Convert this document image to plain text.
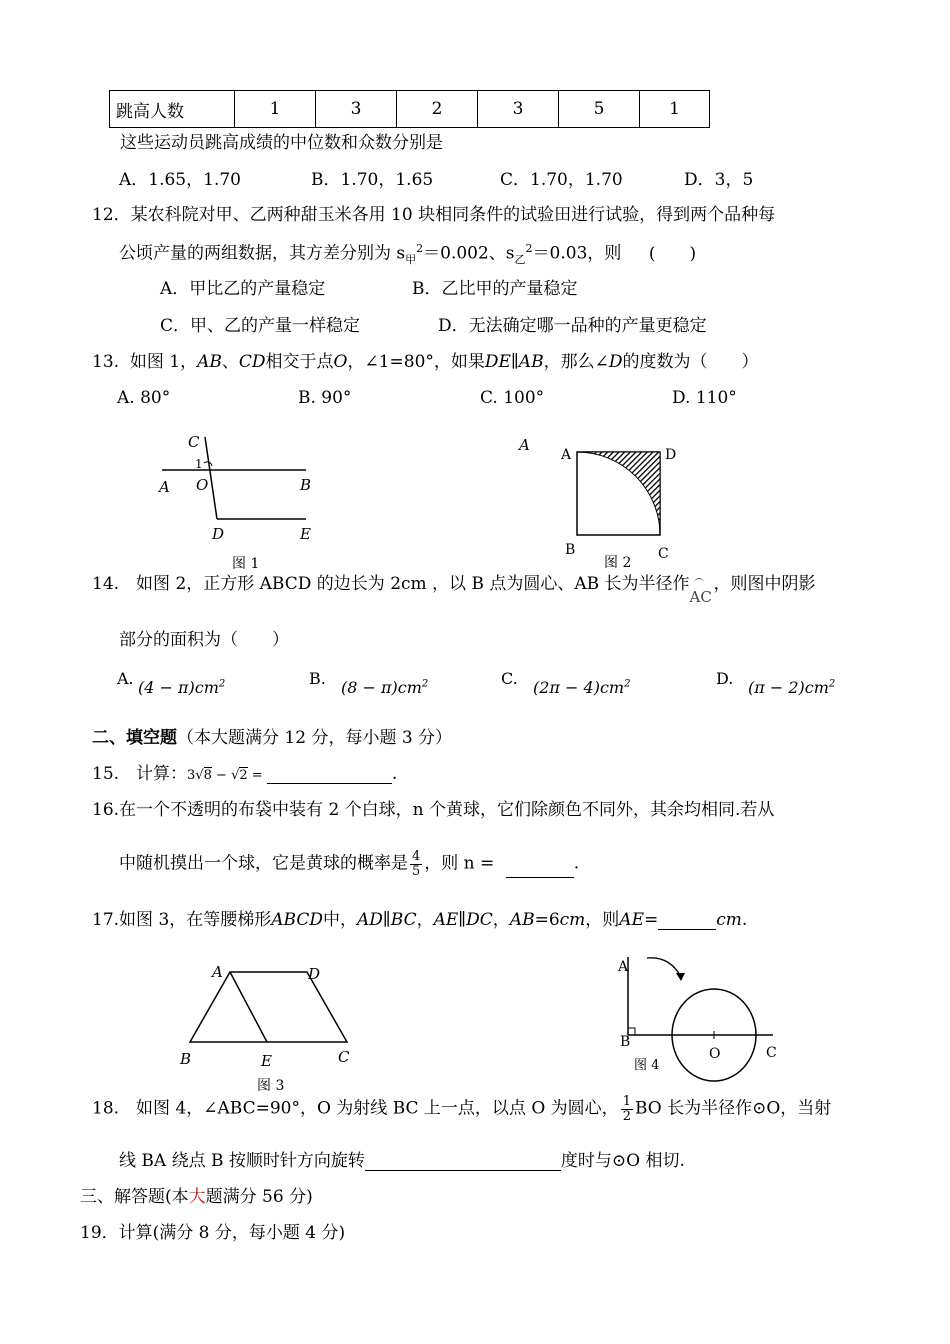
跳高人数	1	3	2	3	5	1
这些运动员跳高成绩的中位数和众数分别是
A．1.65，1.70	B．1.70，1.65	C．1.70，1.70	D．3，5
12．某农科院对甲、乙两种甜玉米各用 10 块相同条件的试验田进行试验，得到两个品种每
公顷产量的两组数据，其方差分别为 $s_甲^2=0.002$、$s_乙^2=0.03$，则 (　　)
A．甲比乙的产量稳定	B．乙比甲的产量稳定
C．甲、乙的产量一样稳定	D．无法确定哪一品种的产量更稳定
13. 如图 1，AB、CD相交于点O，∠1=80°，如果DE∥AB，那么∠D的度数为（　　）
A. 80°	B. 90°	C. 100°	D. 110°
C
1
A O	B
D	E
图 1
A
A	D
B	C
图 2
14.　如图 2，正方形 ABCD 的边长为 2cm ，以 B 点为圆心、AB 长为半径作
AC
，则图中阴影
部分的面积为（　　）
A. $(4 - \pi)cm^2$	B. $(8 - \pi)cm^2$	C. $(2\pi - 4)cm^2$	D. $(\pi - 2)cm^2$
二、填空题（本大题满分 12 分，每小题 3 分）
15.　计算：3√8 − √2 =	.
16.在一个不透明的布袋中装有 2 个白球，n 个黄球，它们除颜色不同外，其余均相同.若从
中随机摸出一个球，它是黄球的概率是 $\frac{4}{5}$ ，则 n =	.
17.如图 3，在等腰梯形ABCD中，AD∥BC，AE∥DC，AB=6cm，则AE=	cm.
A	D
B	E	C
图 3
A
B
O	C
图 4
18.　如图 4，∠ABC=90°，O 为射线 BC 上一点，以点 O 为圆心， $\frac{1}{2}$ BO 长为半径作⊙O，当射
线 BA 绕点 B 按顺时针方向旋转	度时与⊙O 相切.
三、解答题(本大题满分 56 分)
19．计算(满分 8 分，每小题 4 分)
